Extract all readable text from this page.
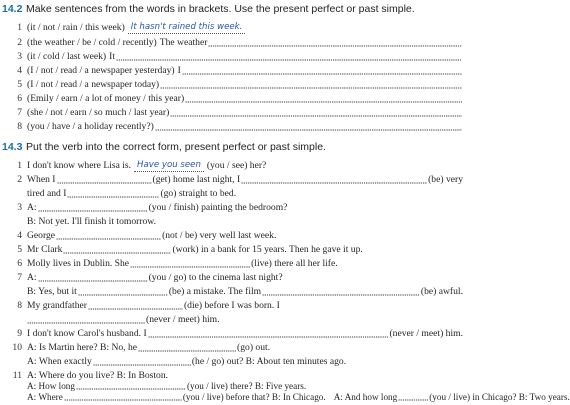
14.2 Make sentences from the words in brackets. Use the present perfect or past simple.
1 (it / not / rain / this week) It hasn't rained this week.
2 (the weather / be / cold / recently) The weather
3 (it / cold / last week) It
4 (I / not / read / a newspaper yesterday) I
5 (I / not / read / a newspaper today)
6 (Emily / earn / a lot of money / this year)
7 (she / not / earn / so much / last year)
8 (you / have / a holiday recently?)
14.3 Put the verb into the correct form, present perfect or past simple.
1 I don't know where Lisa is. Have you seen (you / see) her?
2 When I	(get) home last night, I	(be) very
tired and I	(go) straight to bed.
3 A:	(you / finish) painting the bedroom?
B: Not yet. I'll finish it tomorrow.
4 George	(not / be) very well last week.
5 Mr Clark	(work) in a bank for 15 years. Then he gave it up.
6 Molly lives in Dublin. She	(live) there all her life.
7 A:	(you / go) to the cinema last night?
B: Yes, but it	(be) a mistake. The film	(be) awful.
8 My grandfather	(die) before I was born. I
(never / meet) him.
9 I don't know Carol's husband. I	(never / meet) him.
10 A: Is Martin here? B: No, he	(go) out.
A: When exactly	(he / go) out? B: About ten minutes ago.
11 A: Where do you live? B: In Boston.
A: How long	(you / live) there? B: Five years.
A: Where	(you / live) before that? B: In Chicago. A: And how long	(you / live) in Chicago? B: Two years.
